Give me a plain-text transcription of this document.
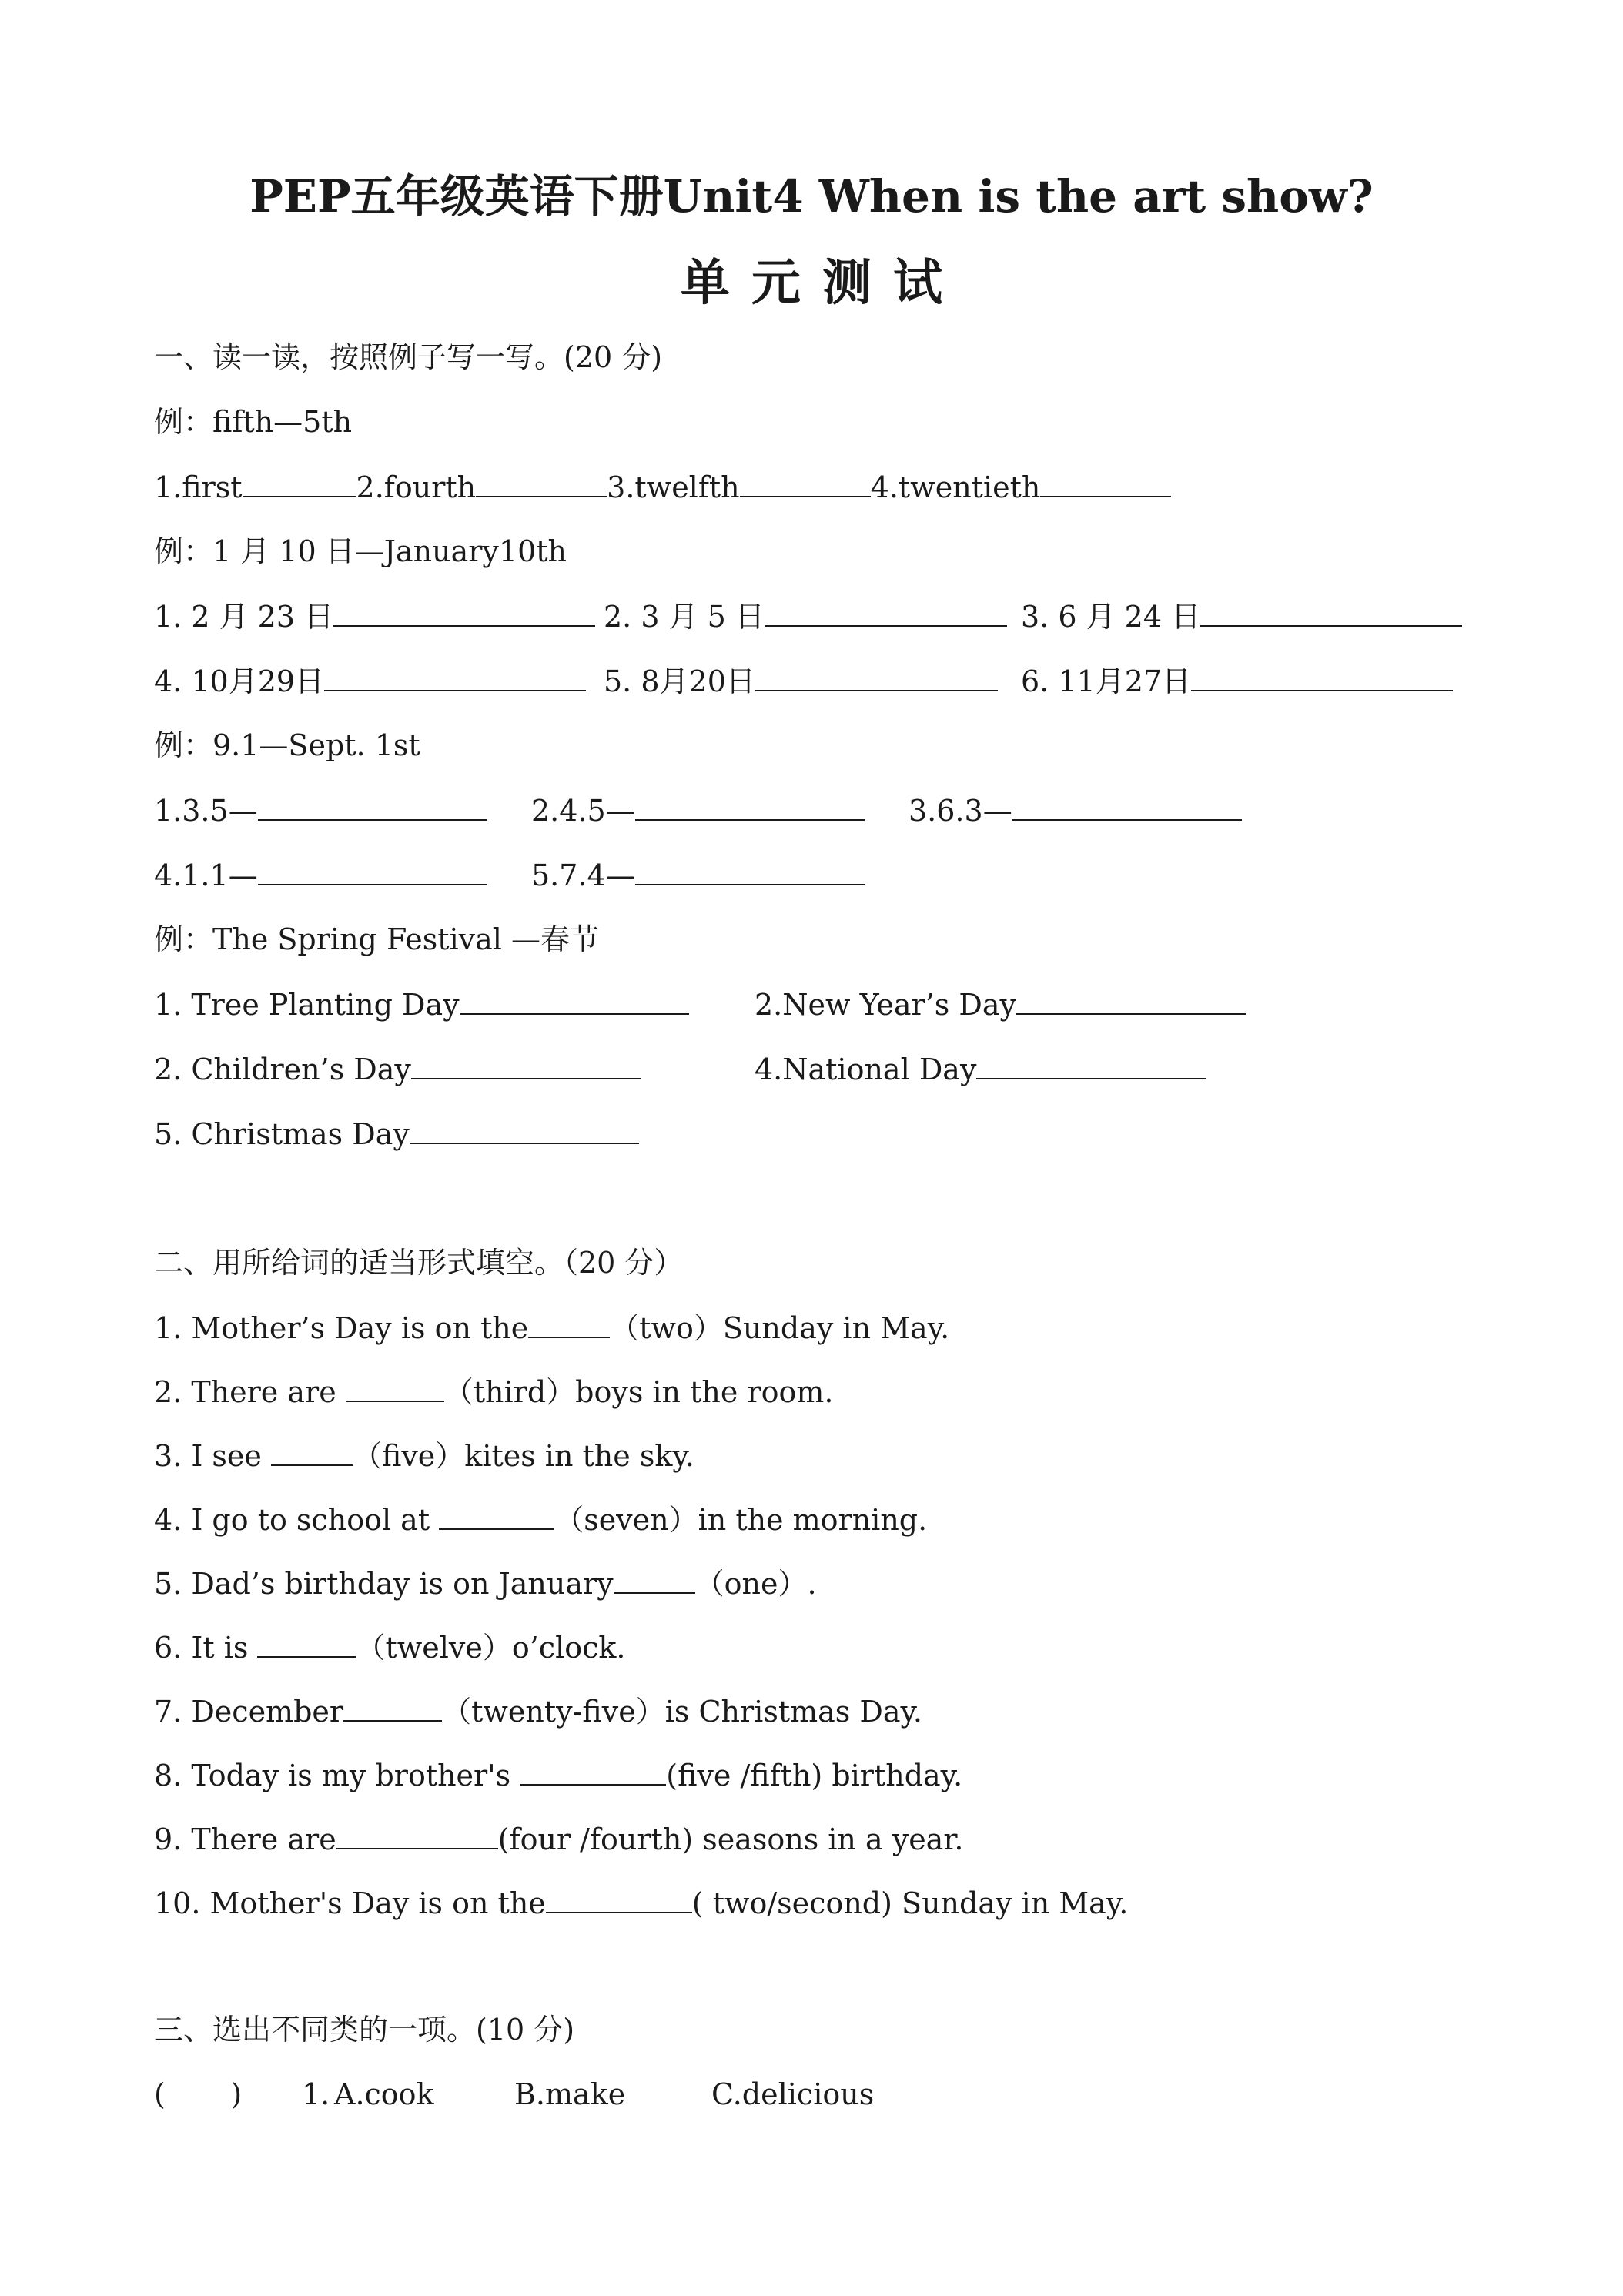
PEP五年级英语下册Unit4 When is the art show?
单元测试
一、读一读，按照例子写一写。(20 分)
例：fifth—5th
1.first	2.fourth	3.twelfth	4.twentieth
例：1 月 10 日—January10th
1. 2 月 23 日	2. 3 月 5 日	3. 6 月 24 日
4. 10月29日	5. 8月20日	6. 11月27日
例：9.1—Sept. 1st
1.3.5—	2.4.5—	3.6.3—
4.1.1—	5.7.4—
例：The Spring Festival —春节
1. Tree Planting Day	2.New Year’s Day
2. Children’s Day	4.National Day
5. Christmas Day
二、用所给词的适当形式填空。（20 分）
1. Mother’s Day is on the	（two）Sunday in May.
2. There are	（third）boys in the room.
3. I see	（five）kites in the sky.
4. I go to school at	（seven）in the morning.
5. Dad’s birthday is on January	（one）.
6. It is	（twelve）o’clock.
7. December	（twenty-five）is Christmas Day.
8. Today is my brother's	(five /fifth) birthday.
9. There are	(four /fourth) seasons in a year.
10. Mother's Day is on the	( two/second) Sunday in May.
三、选出不同类的一项。(10 分)
(       ) 1. A.cook	B.make	C.delicious
